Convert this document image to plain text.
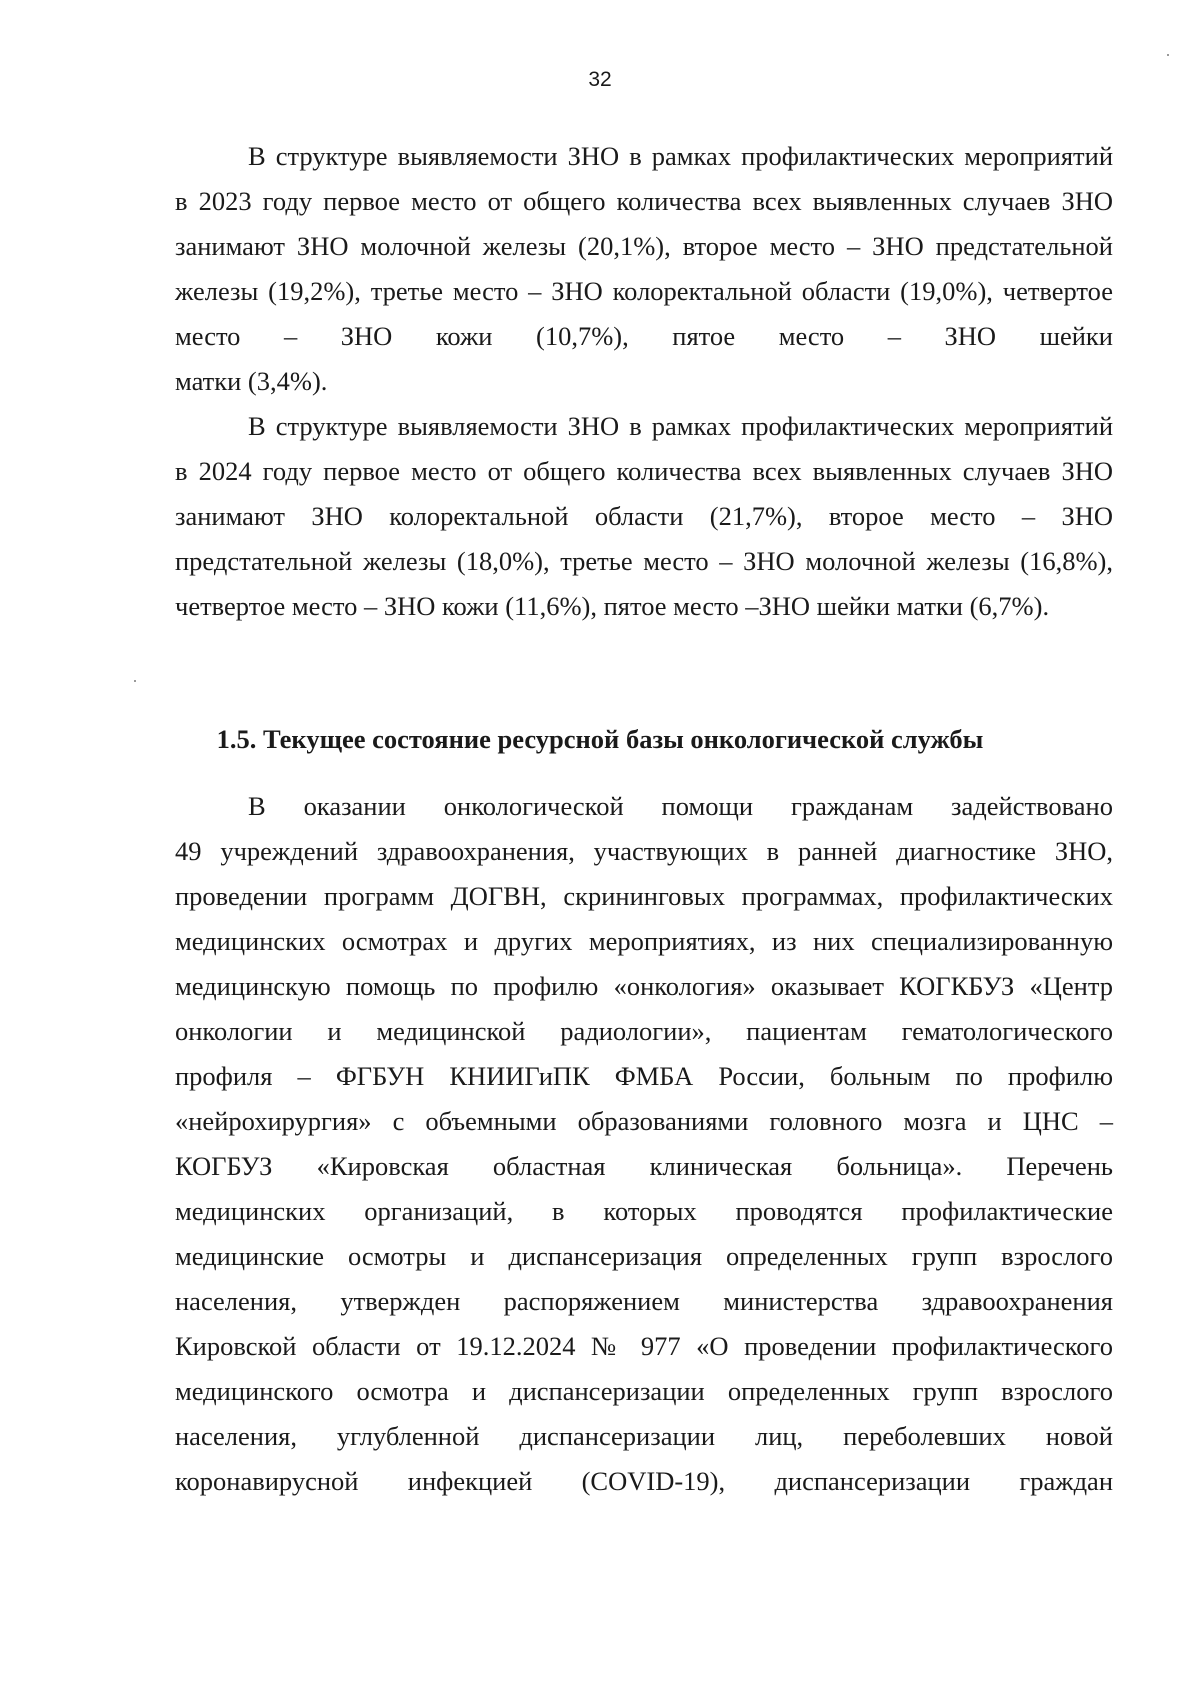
32
В структуре выявляемости ЗНО в рамках профилактических мероприятий
в 2023 году первое место от общего количества всех выявленных случаев ЗНО
занимают ЗНО молочной железы (20,1%), второе место – ЗНО предстательной
железы (19,2%), третье место – ЗНО колоректальной области (19,0%), четвертое
место – ЗНО кожи (10,7%), пятое место – ЗНО шейки
матки (3,4%).
В структуре выявляемости ЗНО в рамках профилактических мероприятий
в 2024 году первое место от общего количества всех выявленных случаев ЗНО
занимают ЗНО колоректальной области (21,7%), второе место – ЗНО
предстательной железы (18,0%), третье место – ЗНО молочной железы (16,8%),
четвертое место – ЗНО кожи (11,6%), пятое место –ЗНО шейки матки (6,7%).
1.5. Текущее состояние ресурсной базы онкологической службы
В оказании онкологической помощи гражданам задействовано
49 учреждений здравоохранения, участвующих в ранней диагностике ЗНО,
проведении программ ДОГВН, скрининговых программах, профилактических
медицинских осмотрах и других мероприятиях, из них специализированную
медицинскую помощь по профилю «онкология» оказывает КОГКБУЗ «Центр
онкологии и медицинской радиологии», пациентам гематологического
профиля – ФГБУН КНИИГиПК ФМБА России, больным по профилю
«нейрохирургия» с объемными образованиями головного мозга и ЦНС –
КОГБУЗ «Кировская областная клиническая больница». Перечень
медицинских организаций, в которых проводятся профилактические
медицинские осмотры и диспансеризация определенных групп взрослого
населения, утвержден распоряжением министерства здравоохранения
Кировской области от 19.12.2024 № 977 «О проведении профилактического
медицинского осмотра и диспансеризации определенных групп взрослого
населения, углубленной диспансеризации лиц, переболевших новой
коронавирусной инфекцией (COVID-19), диспансеризации граждан
